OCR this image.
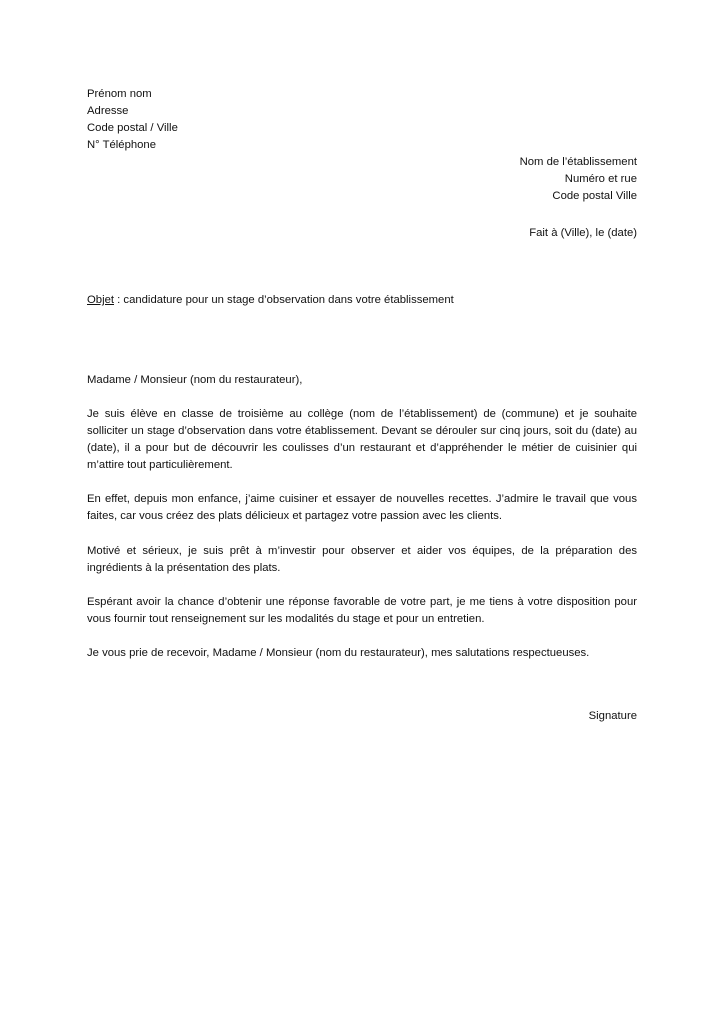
Prénom nom
Adresse
Code postal / Ville
N° Téléphone
Nom de l’établissement
Numéro et rue
Code postal Ville
Fait à (Ville), le (date)
Objet : candidature pour un stage d’observation dans votre établissement

Madame / Monsieur (nom du restaurateur),

Je suis élève en classe de troisième au collège (nom de l’établissement) de (commune) et je souhaite solliciter un stage d’observation dans votre établissement. Devant se dérouler sur cinq jours, soit du (date) au (date), il a pour but de découvrir les coulisses d’un restaurant et d’appréhender le métier de cuisinier qui m’attire tout particulièrement.

En effet, depuis mon enfance, j’aime cuisiner et essayer de nouvelles recettes. J’admire le travail que vous faites, car vous créez des plats délicieux et partagez votre passion avec les clients.

Motivé et sérieux, je suis prêt à m’investir pour observer et aider vos équipes, de la préparation des ingrédients à la présentation des plats.

Espérant avoir la chance d’obtenir une réponse favorable de votre part, je me tiens à votre disposition pour vous fournir tout renseignement sur les modalités du stage et pour un entretien.

Je vous prie de recevoir, Madame / Monsieur (nom du restaurateur), mes salutations respectueuses.

Signature
